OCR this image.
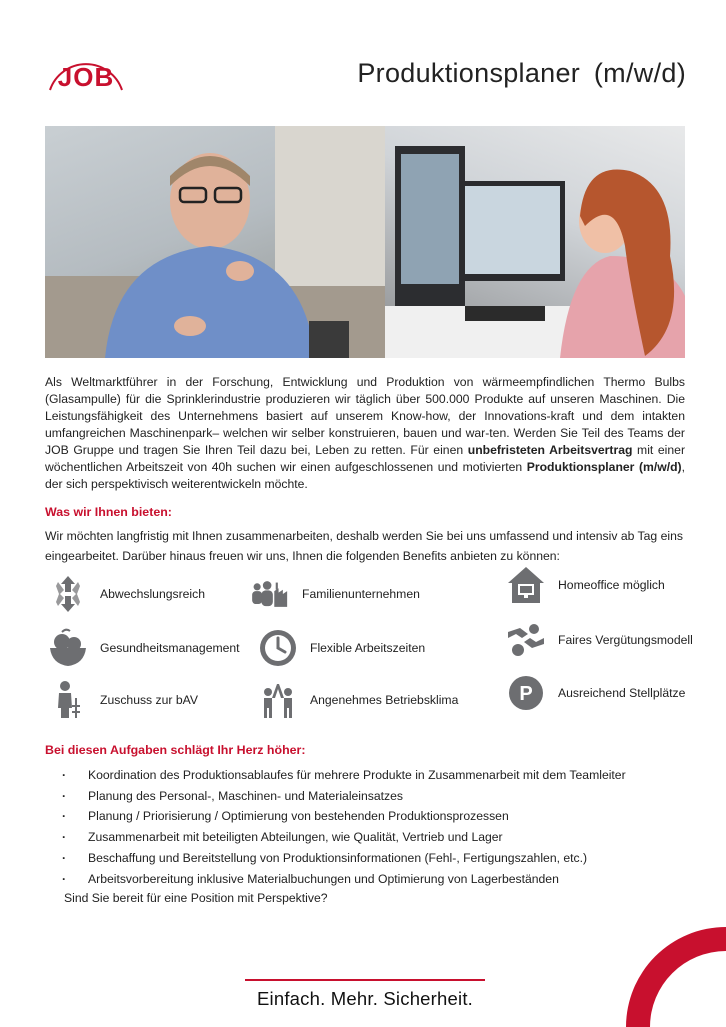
JOB	Produktionsplaner (m/w/d)
Als Weltmarktführer in der Forschung, Entwicklung und Produktion von wärmeempfindlichen Thermo Bulbs (Glasampulle) für die Sprinklerindustrie produzieren wir täglich über 500.000 Produkte auf unseren Maschinen. Die Leistungsfähigkeit des Unternehmens basiert auf unserem Know-how, der Innovations-kraft und dem intakten umfangreichen Maschinenpark– welchen wir selber konstruieren, bauen und war-ten. Werden Sie Teil des Teams der JOB Gruppe und tragen Sie Ihren Teil dazu bei, Leben zu retten. Für einen unbefristeten Arbeitsvertrag mit einer wöchentlichen Arbeitszeit von 40h suchen wir einen aufgeschlossenen und motivierten Produktionsplaner (m/w/d), der sich perspektivisch weiterentwickeln möchte.
Was wir Ihnen bieten:
Wir möchten langfristig mit Ihnen zusammenarbeiten, deshalb werden Sie bei uns umfassend und intensiv ab Tag eins eingearbeitet. Darüber hinaus freuen wir uns, Ihnen die folgenden Benefits anbieten zu können:
Abwechslungsreich	Familienunternehmen
Homeoffice möglich
Gesundheitsmanagement	Flexible Arbeitszeiten
Faires Vergütungsmodell
Zuschuss zur bAV	Angenehmes Betriebsklima	P Ausreichend Stellplätze
Bei diesen Aufgaben schlägt Ihr Herz höher:
· Koordination des Produktionsablaufes für mehrere Produkte in Zusammenarbeit mit dem Teamleiter
· Planung des Personal-, Maschinen- und Materialeinsatzes
· Planung / Priorisierung / Optimierung von bestehenden Produktionsprozessen
· Zusammenarbeit mit beteiligten Abteilungen, wie Qualität, Vertrieb und Lager
· Beschaffung und Bereitstellung von Produktionsinformationen (Fehl-, Fertigungszahlen, etc.)
· Arbeitsvorbereitung inklusive Materialbuchungen und Optimierung von Lagerbeständen
Sind Sie bereit für eine Position mit Perspektive?
Einfach. Mehr. Sicherheit.
